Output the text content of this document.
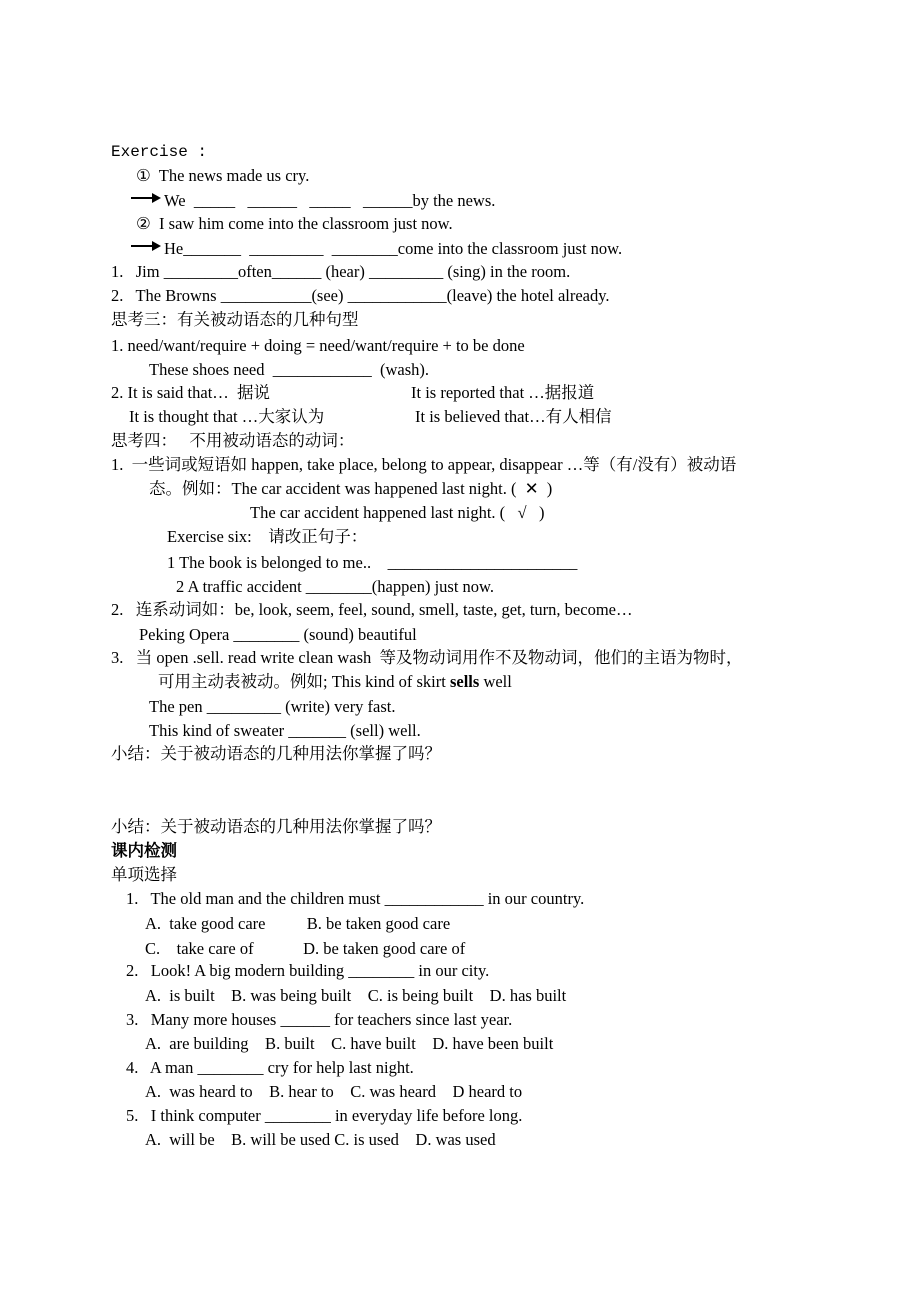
Exercise :
①  The news made us cry.
We  _____   ______   _____   ______by the news.
②  I saw him come into the classroom just now.
He_______  _________  ________come into the classroom just now.
1.   Jim _________often______ (hear) _________ (sing) in the room.
2.   The Browns ___________(see) ____________(leave) the hotel already.
思考三：有关被动语态的几种句型
1. need/want/require + doing = need/want/require + to be done
These shoes need  ____________  (wash).
2. It is said that…  据说	It is reported that …据报道
It is thought that …大家认为	It is believed that…有人相信
思考四：   不用被动语态的动词：
1.  一些词或短语如 happen, take place, belong to appear, disappear …等（有/没有）被动语
态。例如：The car accident was happened last night. (  ✕  )
The car accident happened last night. (   √   )
Exercise six:    请改正句子：
1 The book is belonged to me..    _______________________
2 A traffic accident ________(happen) just now.
2.   连系动词如：be, look, seem, feel, sound, smell, taste, get, turn, become…
Peking Opera ________ (sound) beautiful
3.   当 open .sell. read write clean wash  等及物动词用作不及物动词，他们的主语为物时，
可用主动表被动。例如; This kind of skirt sells well
The pen _________ (write) very fast.
This kind of sweater _______ (sell) well.
小结：关于被动语态的几种用法你掌握了吗？
小结：关于被动语态的几种用法你掌握了吗？
课内检测
单项选择
1.   The old man and the children must ____________ in our country.
A.  take good care          B. be taken good care
C.    take care of            D. be taken good care of
2.   Look! A big modern building ________ in our city.
A.  is built    B. was being built    C. is being built    D. has built
3.   Many more houses ______ for teachers since last year.
A.  are building    B. built    C. have built    D. have been built
4.   A man ________ cry for help last night.
A.  was heard to    B. hear to    C. was heard    D heard to
5.   I think computer ________ in everyday life before long.
A.  will be    B. will be used C. is used    D. was used
